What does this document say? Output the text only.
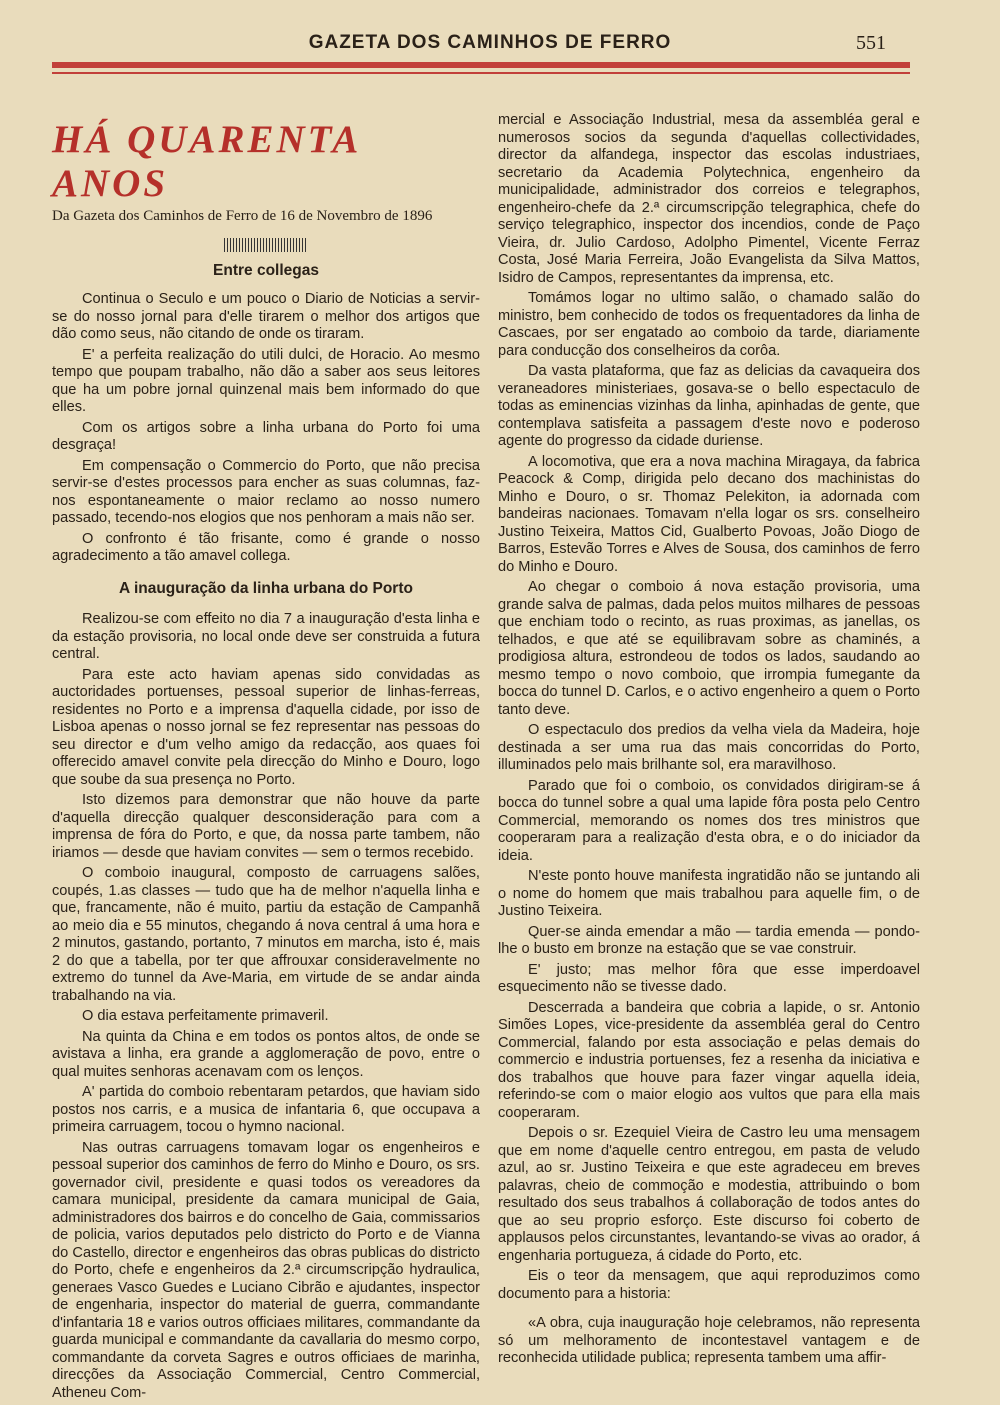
GAZETA DOS CAMINHOS DE FERRO	551
HÁ QUARENTA ANOS
Da Gazeta dos Caminhos de Ferro de 16 de Novembro de 1896
Entre collegas

Continua o Seculo e um pouco o Diario de Noticias a servir-se do nosso jornal para d'elle tirarem o melhor dos artigos que dão como seus, não citando de onde os tiraram.

E' a perfeita realização do utili dulci, de Horacio. Ao mesmo tempo que poupam trabalho, não dão a saber aos seus leitores que ha um pobre jornal quinzenal mais bem informado do que elles.

Com os artigos sobre a linha urbana do Porto foi uma desgraça!

Em compensação o Commercio do Porto, que não precisa servir-se d'estes processos para encher as suas columnas, faz-nos espontaneamente o maior reclamo ao nosso numero passado, tecendo-nos elogios que nos penhoram a mais não ser.

O confronto é tão frisante, como é grande o nosso agradecimento a tão amavel collega.

A inauguração da linha urbana do Porto

Realizou-se com effeito no dia 7 a inauguração d'esta linha e da estação provisoria, no local onde deve ser construida a futura central.

Para este acto haviam apenas sido convidadas as auctoridades portuenses, pessoal superior de linhas-ferreas, residentes no Porto e a imprensa d'aquella cidade, por isso de Lisboa apenas o nosso jornal se fez representar nas pessoas do seu director e d'um velho amigo da redacção, aos quaes foi offerecido amavel convite pela direcção do Minho e Douro, logo que soube da sua presença no Porto.

Isto dizemos para demonstrar que não houve da parte d'aquella direcção qualquer desconsideração para com a imprensa de fóra do Porto, e que, da nossa parte tambem, não iriamos — desde que haviam convites — sem o termos recebido.

O comboio inaugural, composto de carruagens salões, coupés, 1.as classes — tudo que ha de melhor n'aquella linha e que, francamente, não é muito, partiu da estação de Campanhã ao meio dia e 55 minutos, chegando á nova central á uma hora e 2 minutos, gastando, portanto, 7 minutos em marcha, isto é, mais 2 do que a tabella, por ter que affrouxar consideravelmente no extremo do tunnel da Ave-Maria, em virtude de se andar ainda trabalhando na via.

O dia estava perfeitamente primaveril.

Na quinta da China e em todos os pontos altos, de onde se avistava a linha, era grande a agglomeração de povo, entre o qual muites senhoras acenavam com os lenços.

A' partida do comboio rebentaram petardos, que haviam sido postos nos carris, e a musica de infantaria 6, que occupava a primeira carruagem, tocou o hymno nacional.

Nas outras carruagens tomavam logar os engenheiros e pessoal superior dos caminhos de ferro do Minho e Douro, os srs. governador civil, presidente e quasi todos os vereadores da camara municipal, presidente da camara municipal de Gaia, administradores dos bairros e do concelho de Gaia, commissarios de policia, varios deputados pelo districto do Porto e de Vianna do Castello, director e engenheiros das obras publicas do districto do Porto, chefe e engenheiros da 2.ª circumscripção hydraulica, generaes Vasco Guedes e Luciano Cibrão e ajudantes, inspector de engenharia, inspector do material de guerra, commandante d'infantaria 18 e varios outros officiaes militares, commandante da guarda municipal e commandante da cavallaria do mesmo corpo, commandante da corveta Sagres e outros officiaes de marinha, direcções da Associação Commercial, Centro Commercial, Atheneu Com-

mercial e Associação Industrial, mesa da assembléa geral e numerosos socios da segunda d'aquellas collectividades, director da alfandega, inspector das escolas industriaes, secretario da Academia Polytechnica, engenheiro da municipalidade, administrador dos correios e telegraphos, engenheiro-chefe da 2.ª circumscripção telegraphica, chefe do serviço telegraphico, inspector dos incendios, conde de Paço Vieira, dr. Julio Cardoso, Adolpho Pimentel, Vicente Ferraz Costa, José Maria Ferreira, João Evangelista da Silva Mattos, Isidro de Campos, representantes da imprensa, etc.

Tomámos logar no ultimo salão, o chamado salão do ministro, bem conhecido de todos os frequentadores da linha de Cascaes, por ser engatado ao comboio da tarde, diariamente para conducção dos conselheiros da corôa.

Da vasta plataforma, que faz as delicias da cavaqueira dos veraneadores ministeriaes, gosava-se o bello espectaculo de todas as eminencias vizinhas da linha, apinhadas de gente, que contemplava satisfeita a passagem d'este novo e poderoso agente do progresso da cidade duriense.

A locomotiva, que era a nova machina Miragaya, da fabrica Peacock & Comp, dirigida pelo decano dos machinistas do Minho e Douro, o sr. Thomaz Pelekiton, ia adornada com bandeiras nacionaes. Tomavam n'ella logar os srs. conselheiro Justino Teixeira, Mattos Cid, Gualberto Povoas, João Diogo de Barros, Estevão Torres e Alves de Sousa, dos caminhos de ferro do Minho e Douro.

Ao chegar o comboio á nova estação provisoria, uma grande salva de palmas, dada pelos muitos milhares de pessoas que enchiam todo o recinto, as ruas proximas, as janellas, os telhados, e que até se equilibravam sobre as chaminés, a prodigiosa altura, estrondeou de todos os lados, saudando ao mesmo tempo o novo comboio, que irrompia fumegante da bocca do tunnel D. Carlos, e o activo engenheiro a quem o Porto tanto deve.

O espectaculo dos predios da velha viela da Madeira, hoje destinada a ser uma rua das mais concorridas do Porto, illuminados pelo mais brilhante sol, era maravilhoso.

Parado que foi o comboio, os convidados dirigiram-se á bocca do tunnel sobre a qual uma lapide fôra posta pelo Centro Commercial, memorando os nomes dos tres ministros que cooperaram para a realização d'esta obra, e o do iniciador da ideia.

N'este ponto houve manifesta ingratidão não se juntando ali o nome do homem que mais trabalhou para aquelle fim, o de Justino Teixeira.

Quer-se ainda emendar a mão — tardia emenda — pondo-lhe o busto em bronze na estação que se vae construir.

E' justo; mas melhor fôra que esse imperdoavel esquecimento não se tivesse dado.

Descerrada a bandeira que cobria a lapide, o sr. Antonio Simões Lopes, vice-presidente da assembléa geral do Centro Commercial, falando por esta associação e pelas demais do commercio e industria portuenses, fez a resenha da iniciativa e dos trabalhos que houve para fazer vingar aquella ideia, referindo-se com o maior elogio aos vultos que para ella mais cooperaram.

Depois o sr. Ezequiel Vieira de Castro leu uma mensagem que em nome d'aquelle centro entregou, em pasta de veludo azul, ao sr. Justino Teixeira e que este agradeceu em breves palavras, cheio de commoção e modestia, attribuindo o bom resultado dos seus trabalhos á collaboração de todos antes do que ao seu proprio esforço. Este discurso foi coberto de applausos pelos circunstantes, levantando-se vivas ao orador, á engenharia portugueza, á cidade do Porto, etc.

Eis o teor da mensagem, que aqui reproduzimos como documento para a historia:

«A obra, cuja inauguração hoje celebramos, não representa só um melhoramento de incontestavel vantagem e de reconhecida utilidade publica; representa tambem uma affir-
